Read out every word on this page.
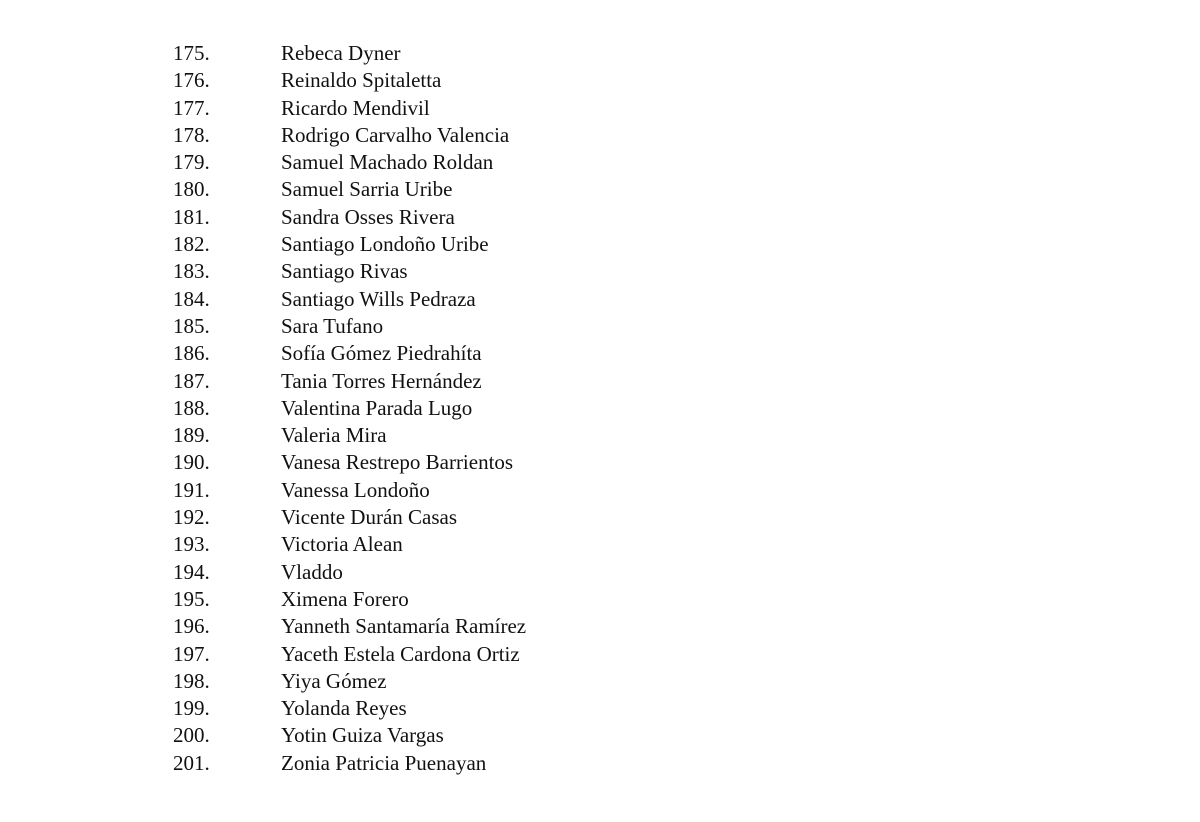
175.	Rebeca Dyner
176.	Reinaldo Spitaletta
177.	Ricardo Mendivil
178.	Rodrigo Carvalho Valencia
179.	Samuel Machado Roldan
180.	Samuel Sarria Uribe
181.	Sandra Osses Rivera
182.	Santiago Londoño Uribe
183.	Santiago Rivas
184.	Santiago Wills Pedraza
185.	Sara Tufano
186.	Sofía Gómez Piedrahíta
187.	Tania Torres Hernández
188.	Valentina Parada Lugo
189.	Valeria Mira
190.	Vanesa Restrepo Barrientos
191.	Vanessa Londoño
192.	Vicente Durán Casas
193.	Victoria Alean
194.	Vladdo
195.	Ximena Forero
196.	Yanneth Santamaría Ramírez
197.	Yaceth Estela Cardona Ortiz
198.	Yiya Gómez
199.	Yolanda Reyes
200.	Yotin Guiza Vargas
201.	Zonia Patricia Puenayan
